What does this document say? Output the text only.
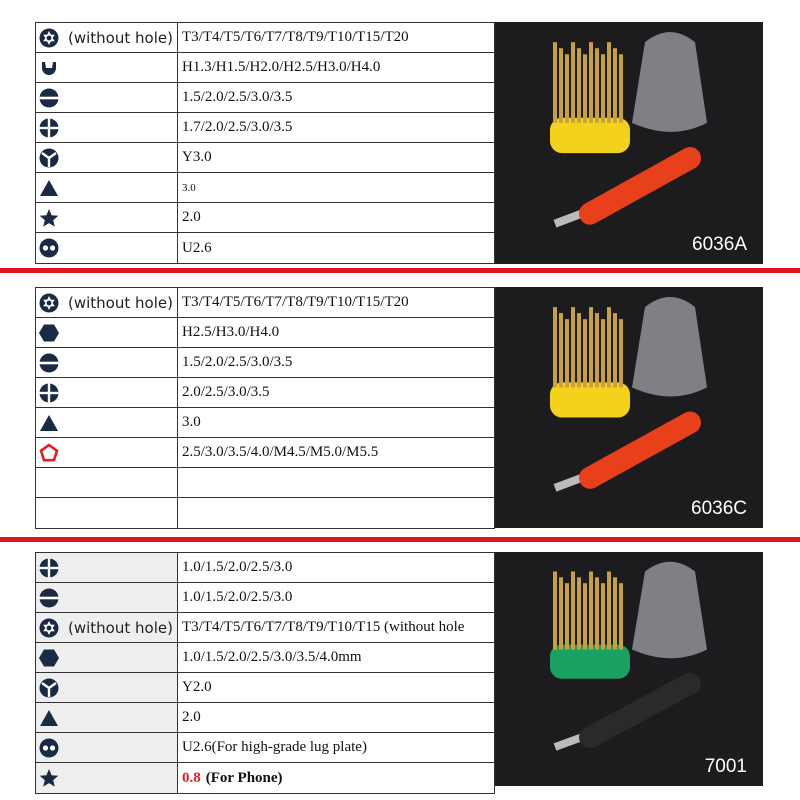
(without hole) T3/T4/T5/T6/T7/T8/T9/T10/T15/T20
H1.3/H1.5/H2.0/H2.5/H3.0/H4.0
1.5/2.0/2.5/3.0/3.5
1.7/2.0/2.5/3.0/3.5
Y3.0
3.0
2.0
U2.6	6036A
(without hole) T3/T4/T5/T6/T7/T8/T9/T10/T15/T20
H2.5/H3.0/H4.0
1.5/2.0/2.5/3.0/3.5
2.0/2.5/3.0/3.5
3.0
2.5/3.0/3.5/4.0/M4.5/M5.0/M5.5
6036C
1.0/1.5/2.0/2.5/3.0
1.0/1.5/2.0/2.5/3.0
(without hole) T3/T4/T5/T6/T7/T8/T9/T10/T15 (without hole
1.0/1.5/2.0/2.5/3.0/3.5/4.0mm
Y2.0
2.0
U2.6(For high-grade lug plate)
0.8 (For Phone)
7001
